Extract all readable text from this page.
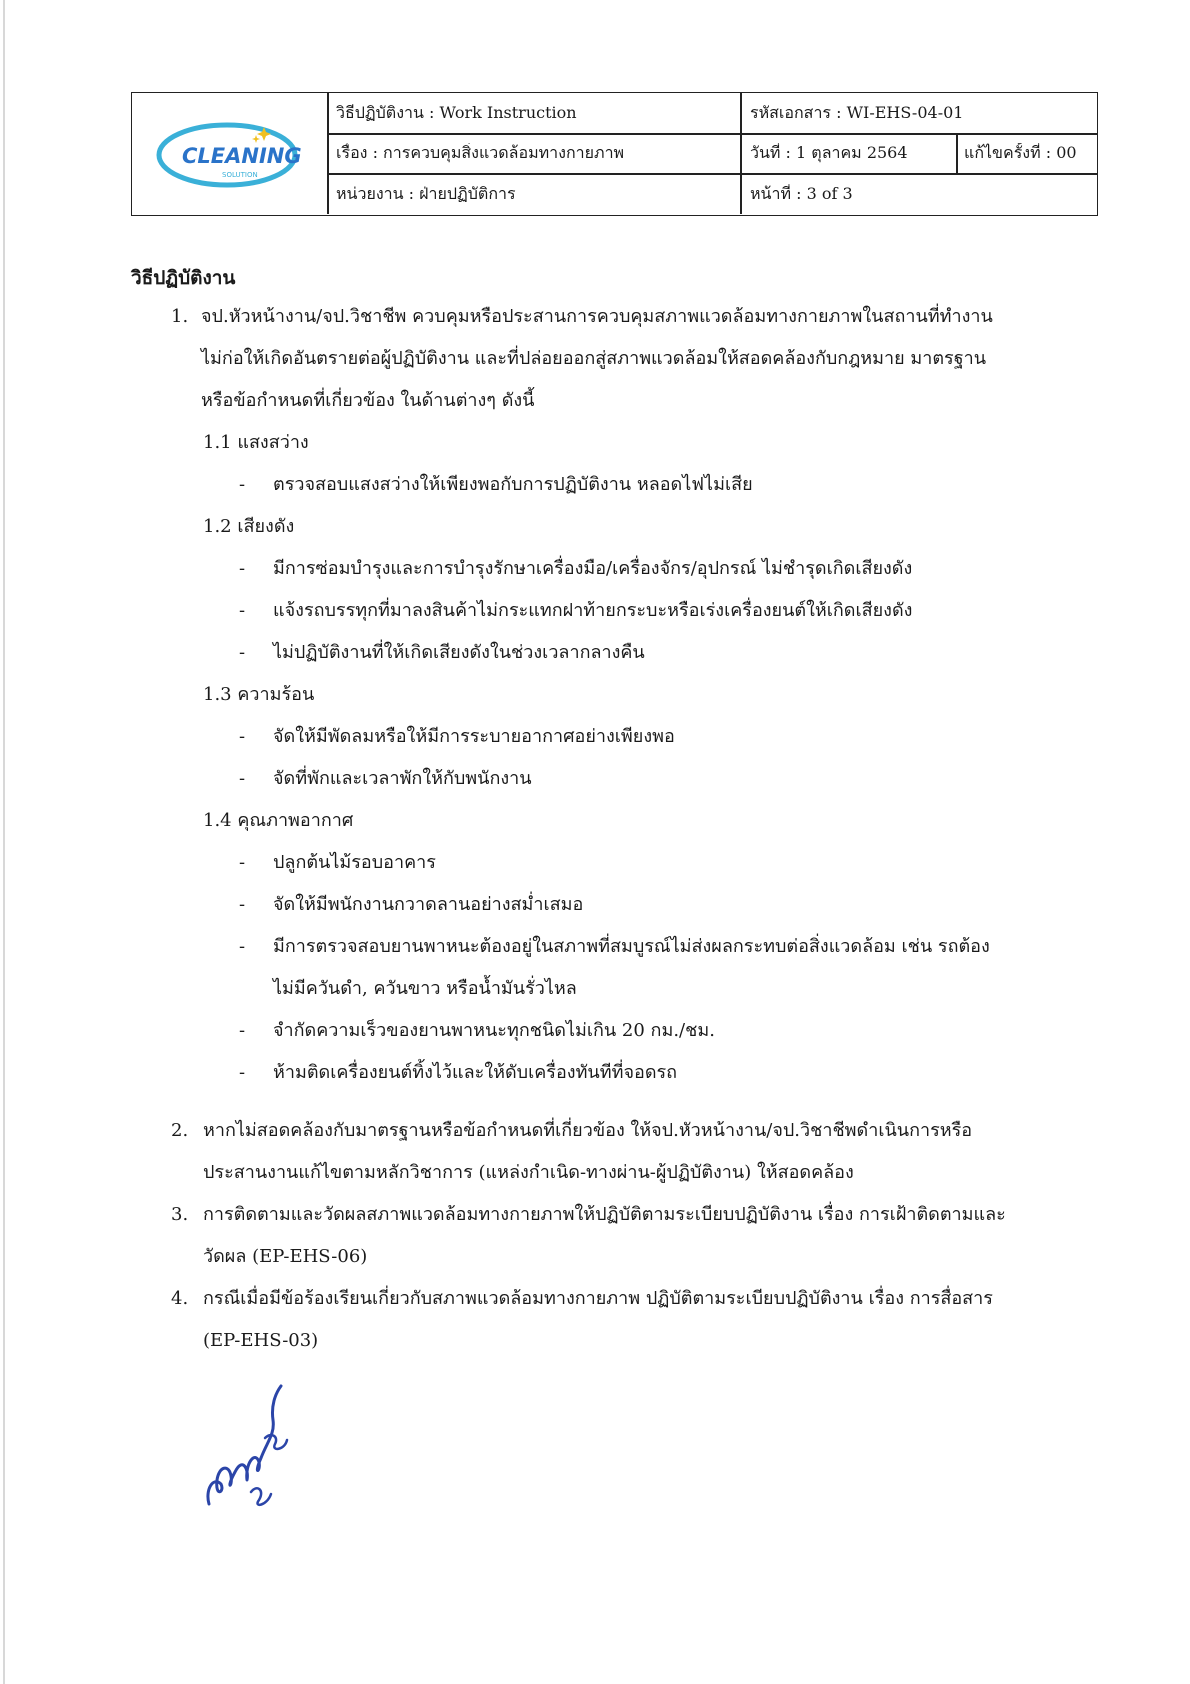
CLEANING
SOLUTION
วิธีปฏิบัติงาน : Work Instruction	รหัสเอกสาร : WI-EHS-04-01
เรื่อง : การควบคุมสิ่งแวดล้อมทางกายภาพ	วันที่ : 1 ตุลาคม 2564	แก้ไขครั้งที่ : 00
หน่วยงาน : ฝ่ายปฏิบัติการ	หน้าที่ : 3 of 3
วิธีปฏิบัติงาน
1. จป.หัวหน้างาน/จป.วิชาชีพ ควบคุมหรือประสานการควบคุมสภาพแวดล้อมทางกายภาพในสถานที่ทำงาน
ไม่ก่อให้เกิดอันตรายต่อผู้ปฏิบัติงาน และที่ปล่อยออกสู่สภาพแวดล้อมให้สอดคล้องกับกฎหมาย มาตรฐาน
หรือข้อกำหนดที่เกี่ยวข้อง ในด้านต่างๆ ดังนี้
1.1 แสงสว่าง
- ตรวจสอบแสงสว่างให้เพียงพอกับการปฏิบัติงาน หลอดไฟไม่เสีย
1.2 เสียงดัง
- มีการซ่อมบำรุงและการบำรุงรักษาเครื่องมือ/เครื่องจักร/อุปกรณ์ ไม่ชำรุดเกิดเสียงดัง
- แจ้งรถบรรทุกที่มาลงสินค้าไม่กระแทกฝาท้ายกระบะหรือเร่งเครื่องยนต์ให้เกิดเสียงดัง
- ไม่ปฏิบัติงานที่ให้เกิดเสียงดังในช่วงเวลากลางคืน
1.3 ความร้อน
- จัดให้มีพัดลมหรือให้มีการระบายอากาศอย่างเพียงพอ
- จัดที่พักและเวลาพักให้กับพนักงาน
1.4 คุณภาพอากาศ
- ปลูกต้นไม้รอบอาคาร
- จัดให้มีพนักงานกวาดลานอย่างสม่ำเสมอ
- มีการตรวจสอบยานพาหนะต้องอยู่ในสภาพที่สมบูรณ์ไม่ส่งผลกระทบต่อสิ่งแวดล้อม เช่น รถต้อง
ไม่มีควันดำ, ควันขาว หรือน้ำมันรั่วไหล
- จำกัดความเร็วของยานพาหนะทุกชนิดไม่เกิน 20 กม./ชม.
- ห้ามติดเครื่องยนต์ทิ้งไว้และให้ดับเครื่องทันทีที่จอดรถ
2. หากไม่สอดคล้องกับมาตรฐานหรือข้อกำหนดที่เกี่ยวข้อง ให้จป.หัวหน้างาน/จป.วิชาชีพดำเนินการหรือ
ประสานงานแก้ไขตามหลักวิชาการ (แหล่งกำเนิด-ทางผ่าน-ผู้ปฏิบัติงาน) ให้สอดคล้อง
3. การติดตามและวัดผลสภาพแวดล้อมทางกายภาพให้ปฏิบัติตามระเบียบปฏิบัติงาน เรื่อง การเฝ้าติดตามและ
วัดผล (EP-EHS-06)
4. กรณีเมื่อมีข้อร้องเรียนเกี่ยวกับสภาพแวดล้อมทางกายภาพ ปฏิบัติตามระเบียบปฏิบัติงาน เรื่อง การสื่อสาร
(EP-EHS-03)
